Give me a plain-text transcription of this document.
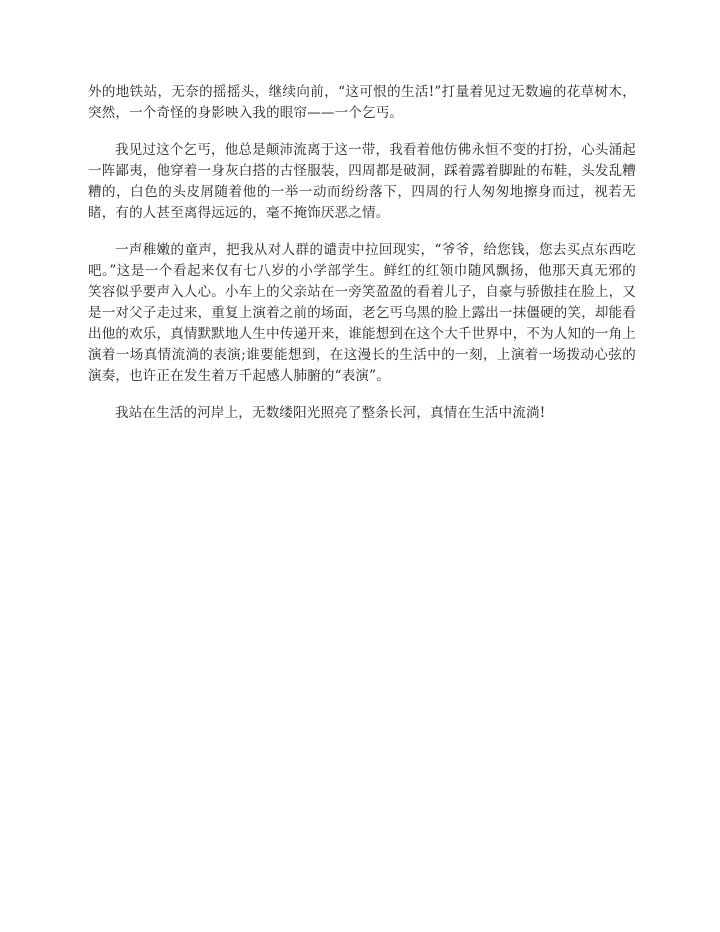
外的地铁站，无奈的摇摇头，继续向前，“这可恨的生活!”打量着见过无数遍的花草树木，突然，一个奇怪的身影映入我的眼帘——一个乞丐。

我见过这个乞丐，他总是颠沛流离于这一带，我看着他仿佛永恒不变的打扮，心头涌起一阵鄙夷，他穿着一身灰白搭的古怪服装，四周都是破洞，踩着露着脚趾的布鞋，头发乱糟糟的，白色的头皮屑随着他的一举一动而纷纷落下，四周的行人匆匆地擦身而过，视若无睹，有的人甚至离得远远的，毫不掩饰厌恶之情。

一声稚嫩的童声，把我从对人群的谴责中拉回现实，“爷爷，给您钱，您去买点东西吃吧。”这是一个看起来仅有七八岁的小学部学生。鲜红的红领巾随风飘扬，他那天真无邪的笑容似乎要声入人心。小车上的父亲站在一旁笑盈盈的看着儿子，自豪与骄傲挂在脸上，又是一对父子走过来，重复上演着之前的场面，老乞丐乌黑的脸上露出一抹僵硬的笑，却能看出他的欢乐，真情默默地人生中传递开来，谁能想到在这个大千世界中，不为人知的一角上演着一场真情流淌的表演;谁要能想到，在这漫长的生活中的一刻，上演着一场拨动心弦的演奏，也许正在发生着万千起感人肺腑的“表演”。

我站在生活的河岸上，无数缕阳光照亮了整条长河，真情在生活中流淌!
